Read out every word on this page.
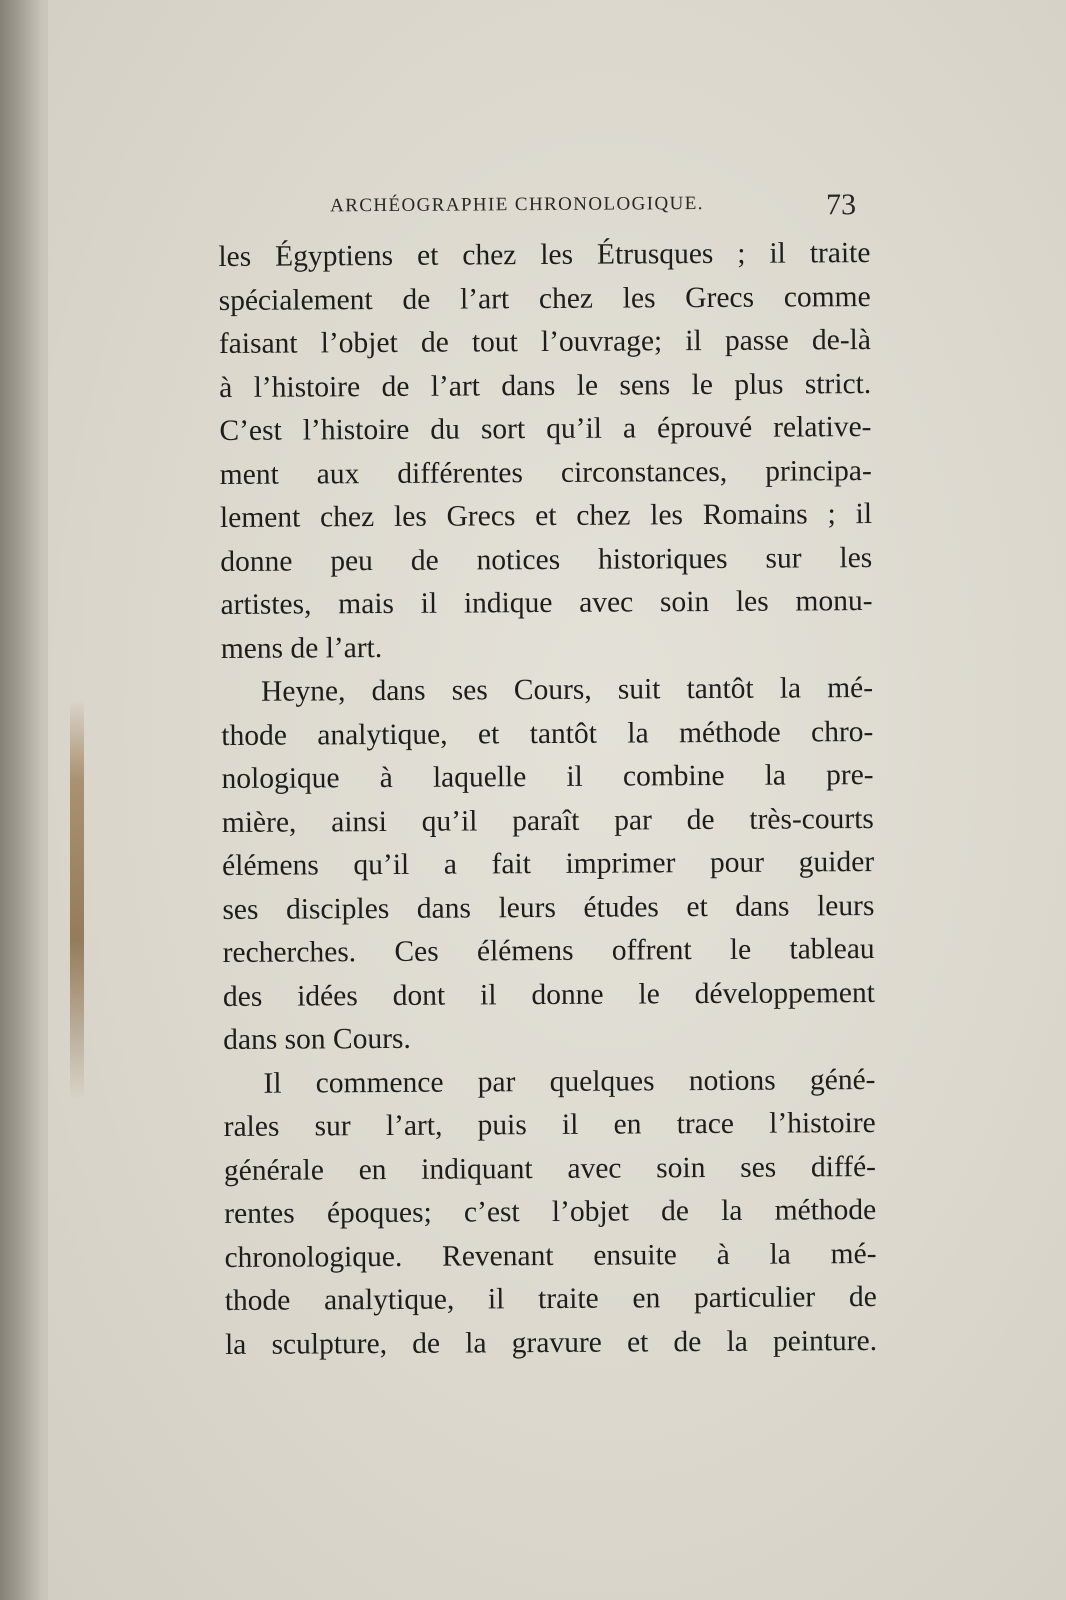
ARCHÉOGRAPHIE CHRONOLOGIQUE.	73
les Égyptiens et chez les Étrusques ; il traite
spécialement de l’art chez les Grecs comme
faisant l’objet de tout l’ouvrage; il passe de-là
à l’histoire de l’art dans le sens le plus strict.
C’est l’histoire du sort qu’il a éprouvé relative-
ment aux différentes circonstances, principa-
lement chez les Grecs et chez les Romains ; il
donne peu de notices historiques sur les
artistes, mais il indique avec soin les monu-
mens de l’art.
Heyne, dans ses Cours, suit tantôt la mé-
thode analytique, et tantôt la méthode chro-
nologique à laquelle il combine la pre-
mière, ainsi qu’il paraît par de très-courts
élémens qu’il a fait imprimer pour guider
ses disciples dans leurs études et dans leurs
recherches. Ces élémens offrent le tableau
des idées dont il donne le développement
dans son Cours.
Il commence par quelques notions géné-
rales sur l’art, puis il en trace l’histoire
générale en indiquant avec soin ses diffé-
rentes époques; c’est l’objet de la méthode
chronologique. Revenant ensuite à la mé-
thode analytique, il traite en particulier de
la sculpture, de la gravure et de la peinture.
